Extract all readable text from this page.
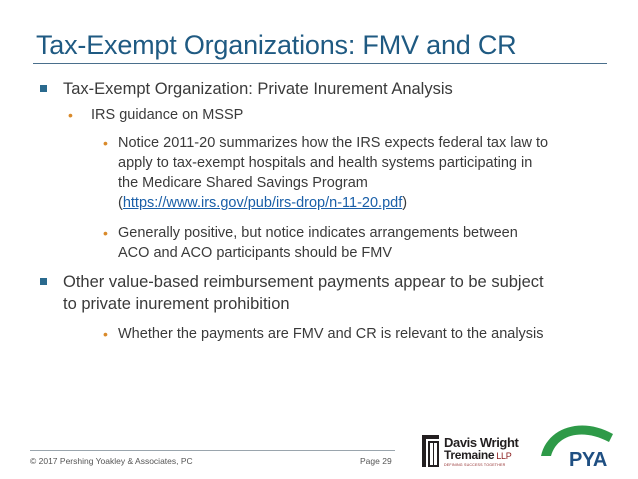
Tax-Exempt Organizations: FMV and CR
Tax-Exempt Organization: Private Inurement Analysis
• IRS guidance on MSSP
• Notice 2011-20 summarizes how the IRS expects federal tax law to
apply to tax-exempt hospitals and health systems participating in
the Medicare Shared Savings Program
(https://www.irs.gov/pub/irs-drop/n-11-20.pdf)
• Generally positive, but notice indicates arrangements between
ACO and ACO participants should be FMV
Other value-based reimbursement payments appear to be subject
to private inurement prohibition
• Whether the payments are FMV and CR is relevant to the analysis
© 2017 Pershing Yoakley & Associates, PC	Page 29
Davis Wright
Tremaine LLP
DEFINING SUCCESS TOGETHER	PYA
